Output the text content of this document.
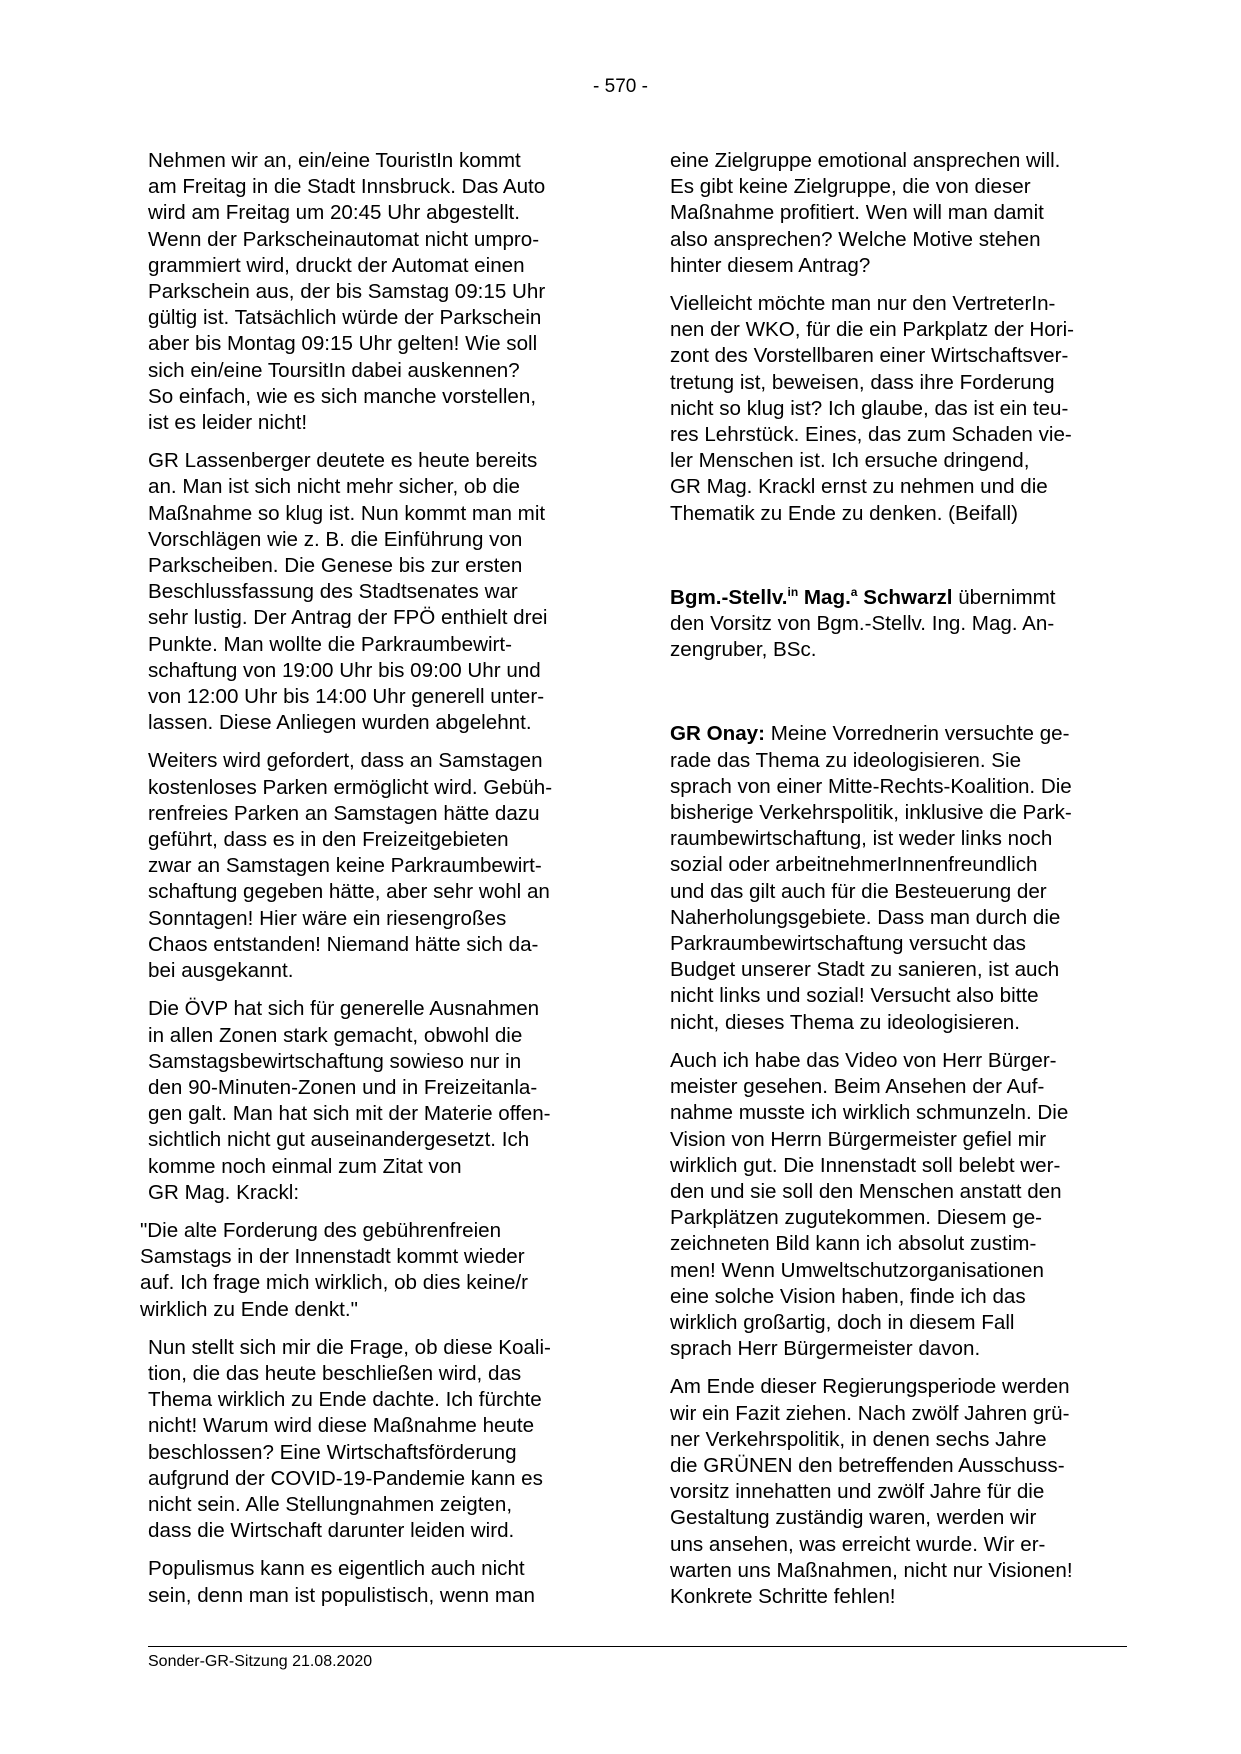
- 570 -

Nehmen wir an, ein/eine TouristIn kommt
am Freitag in die Stadt Innsbruck. Das Auto
wird am Freitag um 20:45 Uhr abgestellt.
Wenn der Parkscheinautomat nicht umpro-
grammiert wird, druckt der Automat einen
Parkschein aus, der bis Samstag 09:15 Uhr
gültig ist. Tatsächlich würde der Parkschein
aber bis Montag 09:15 Uhr gelten! Wie soll
sich ein/eine ToursitIn dabei auskennen?
So einfach, wie es sich manche vorstellen,
ist es leider nicht!

GR Lassenberger deutete es heute bereits
an. Man ist sich nicht mehr sicher, ob die
Maßnahme so klug ist. Nun kommt man mit
Vorschlägen wie z. B. die Einführung von
Parkscheiben. Die Genese bis zur ersten
Beschlussfassung des Stadtsenates war
sehr lustig. Der Antrag der FPÖ enthielt drei
Punkte. Man wollte die Parkraumbewirt-
schaftung von 19:00 Uhr bis 09:00 Uhr und
von 12:00 Uhr bis 14:00 Uhr generell unter-
lassen. Diese Anliegen wurden abgelehnt.

Weiters wird gefordert, dass an Samstagen
kostenloses Parken ermöglicht wird. Gebüh-
renfreies Parken an Samstagen hätte dazu
geführt, dass es in den Freizeitgebieten
zwar an Samstagen keine Parkraumbewirt-
schaftung gegeben hätte, aber sehr wohl an
Sonntagen! Hier wäre ein riesengroßes
Chaos entstanden! Niemand hätte sich da-
bei ausgekannt.

Die ÖVP hat sich für generelle Ausnahmen
in allen Zonen stark gemacht, obwohl die
Samstagsbewirtschaftung sowieso nur in
den 90-Minuten-Zonen und in Freizeitanla-
gen galt. Man hat sich mit der Materie offen-
sichtlich nicht gut auseinandergesetzt. Ich
komme noch einmal zum Zitat von
GR Mag. Krackl:

"Die alte Forderung des gebührenfreien
Samstags in der Innenstadt kommt wieder
auf. Ich frage mich wirklich, ob dies keine/r
wirklich zu Ende denkt."

Nun stellt sich mir die Frage, ob diese Koali-
tion, die das heute beschließen wird, das
Thema wirklich zu Ende dachte. Ich fürchte
nicht! Warum wird diese Maßnahme heute
beschlossen? Eine Wirtschaftsförderung
aufgrund der COVID-19-Pandemie kann es
nicht sein. Alle Stellungnahmen zeigten,
dass die Wirtschaft darunter leiden wird.

Populismus kann es eigentlich auch nicht
sein, denn man ist populistisch, wenn man

eine Zielgruppe emotional ansprechen will.
Es gibt keine Zielgruppe, die von dieser
Maßnahme profitiert. Wen will man damit
also ansprechen? Welche Motive stehen
hinter diesem Antrag?

Vielleicht möchte man nur den VertreterIn-
nen der WKO, für die ein Parkplatz der Hori-
zont des Vorstellbaren einer Wirtschaftsver-
tretung ist, beweisen, dass ihre Forderung
nicht so klug ist? Ich glaube, das ist ein teu-
res Lehrstück. Eines, das zum Schaden vie-
ler Menschen ist. Ich ersuche dringend,
GR Mag. Krackl ernst zu nehmen und die
Thematik zu Ende zu denken. (Beifall)

Bgm.-Stellv.$^{in}$ Mag.$^a$ Schwarzl übernimmt
den Vorsitz von Bgm.-Stellv. Ing. Mag. An-
zengruber, BSc.

GR Onay: Meine Vorrednerin versuchte ge-
rade das Thema zu ideologisieren. Sie
sprach von einer Mitte-Rechts-Koalition. Die
bisherige Verkehrspolitik, inklusive die Park-
raumbewirtschaftung, ist weder links noch
sozial oder arbeitnehmerInnenfreundlich
und das gilt auch für die Besteuerung der
Naherholungsgebiete. Dass man durch die
Parkraumbewirtschaftung versucht das
Budget unserer Stadt zu sanieren, ist auch
nicht links und sozial! Versucht also bitte
nicht, dieses Thema zu ideologisieren.

Auch ich habe das Video von Herr Bürger-
meister gesehen. Beim Ansehen der Auf-
nahme musste ich wirklich schmunzeln. Die
Vision von Herrn Bürgermeister gefiel mir
wirklich gut. Die Innenstadt soll belebt wer-
den und sie soll den Menschen anstatt den
Parkplätzen zugutekommen. Diesem ge-
zeichneten Bild kann ich absolut zustim-
men! Wenn Umweltschutzorganisationen
eine solche Vision haben, finde ich das
wirklich großartig, doch in diesem Fall
sprach Herr Bürgermeister davon.

Am Ende dieser Regierungsperiode werden
wir ein Fazit ziehen. Nach zwölf Jahren grü-
ner Verkehrspolitik, in denen sechs Jahre
die GRÜNEN den betreffenden Ausschuss-
vorsitz innehatten und zwölf Jahre für die
Gestaltung zuständig waren, werden wir
uns ansehen, was erreicht wurde. Wir er-
warten uns Maßnahmen, nicht nur Visionen!
Konkrete Schritte fehlen!

Sonder-GR-Sitzung 21.08.2020
